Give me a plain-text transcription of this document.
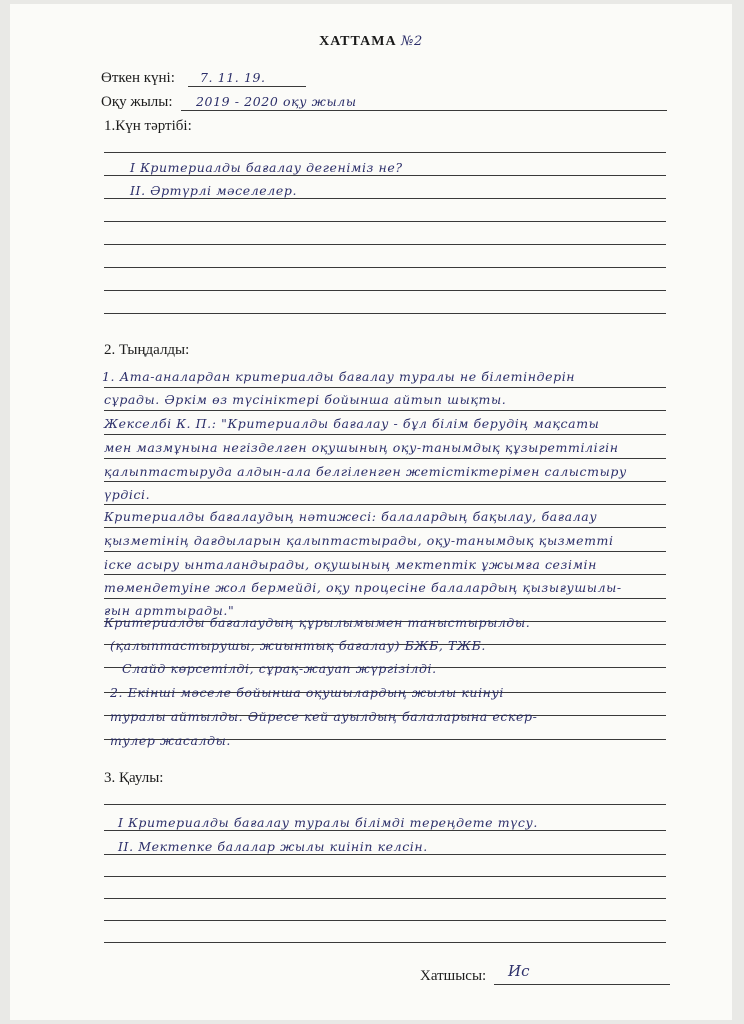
ХАТТАМА №2
Өткен күні: 7. 11. 19.
Оқу жылы: 2019 - 2020 оқу жылы
1.Күн тәртібі:
I Критериалды бағалау дегеніміз не?
II. Әртүрлі мәселелер.
2. Тыңдалды:
1. Ата-аналардан критериалды бағалау туралы не білетіндерін
сұрады. Әркім өз түсініктері бойынша айтып шықты.
Жекселбі К. П.: "Критериалды бағалау - бұл білім берудің мақсаты
мен мазмұнына негізделген оқушының оқу-танымдық құзыреттілігін
қалыптастыруда алдын-ала белгіленген жетістіктерімен салыстыру
үрдісі.
Критериалды бағалаудың нәтижесі: балалардың бақылау, бағалау
қызметінің дағдыларын қалыптастырады, оқу-танымдық қызметті
іске асыру ынталандырады, оқушының мектептік ұжымға сезімін
төмендетуіне жол бермейді, оқу процесіне балалардың қызығушылы-
ғын арттырады."
Критериалды бағалаудың құрылымымен таныстырылды.
(қалыптастырушы, жиынтық бағалау) БЖБ, ТЖБ.
Слайд көрсетілді, сұрақ-жауап жүргізілді.
2. Екінші мәселе бойынша оқушылардың жылы киінуі
туралы айтылды. Әйресе кей ауылдың балаларына ескер-
тулер жасалды.
3. Қаулы:
I Критериалды бағалау туралы білімді тереңдете түсу.
II. Мектепке балалар жылы киініп келсін.
Хатшысы: Ис
